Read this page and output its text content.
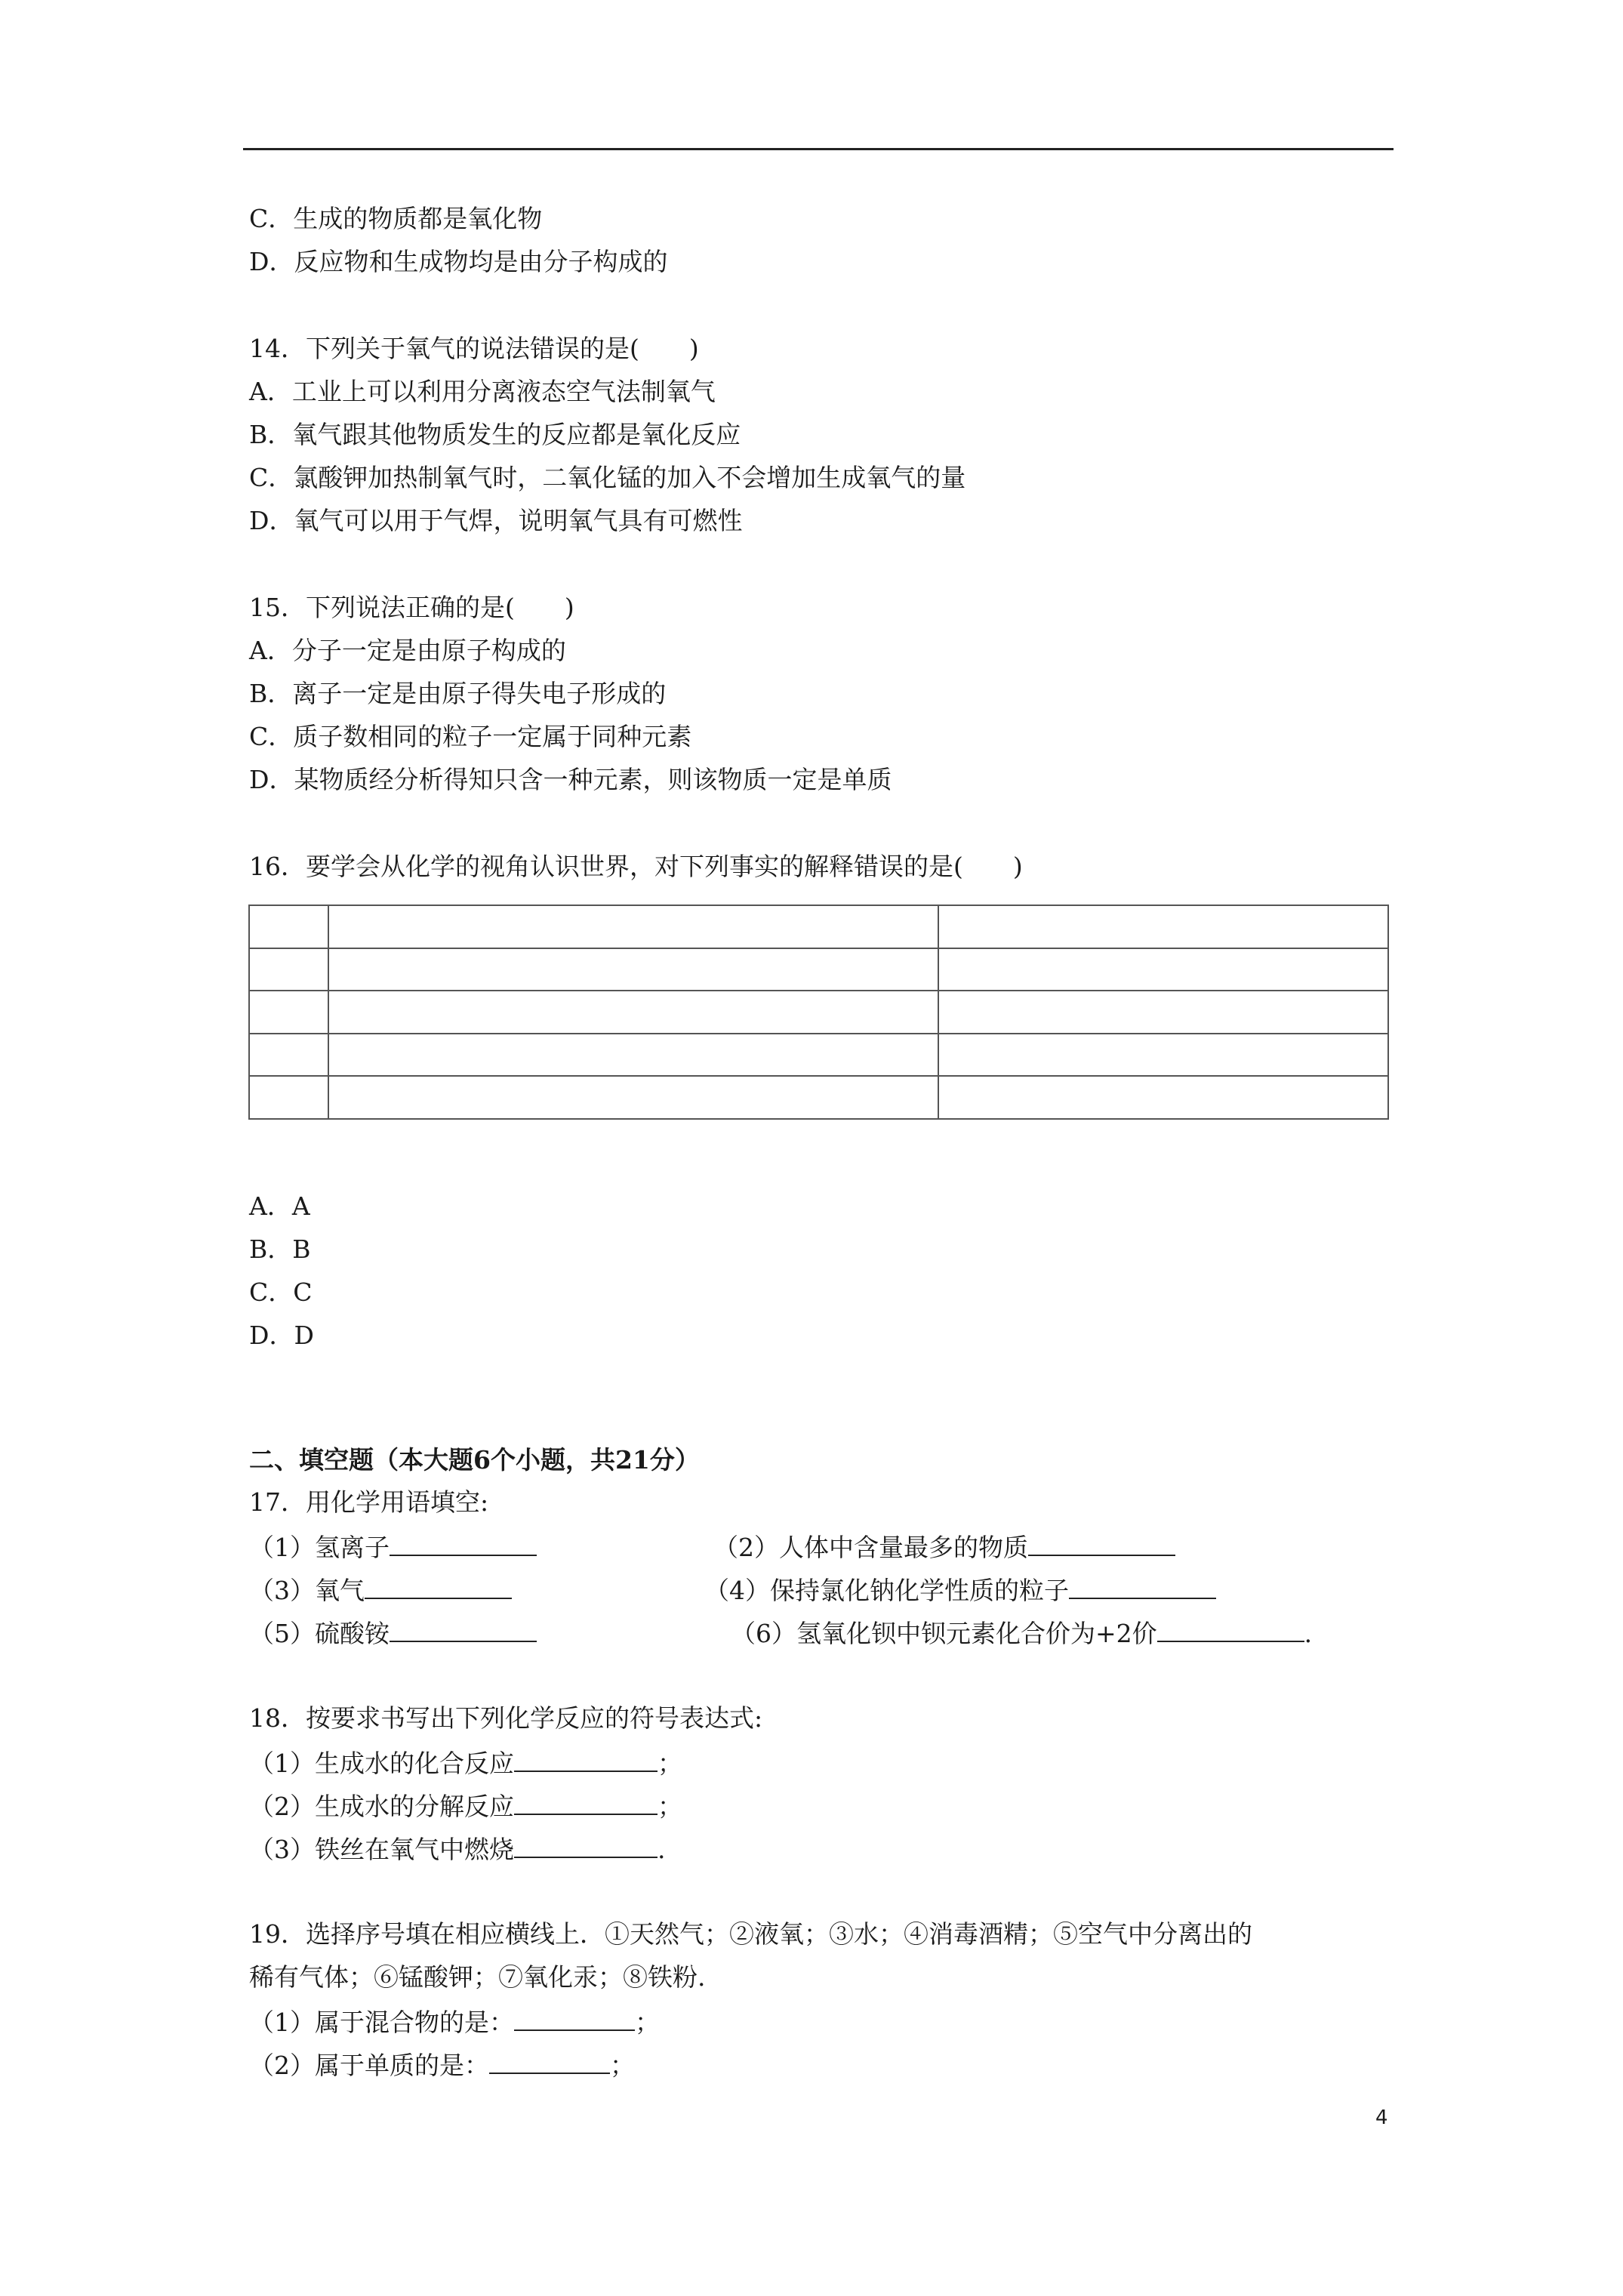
C．生成的物质都是氧化物
D．反应物和生成物均是由分子构成的
14．下列关于氧气的说法错误的是(　　)
A．工业上可以利用分离液态空气法制氧气
B．氧气跟其他物质发生的反应都是氧化反应
C．氯酸钾加热制氧气时，二氧化锰的加入不会增加生成氧气的量
D．氧气可以用于气焊，说明氧气具有可燃性
15．下列说法正确的是(　　)
A．分子一定是由原子构成的
B．离子一定是由原子得失电子形成的
C．质子数相同的粒子一定属于同种元素
D．某物质经分析得知只含一种元素，则该物质一定是单质
16．要学会从化学的视角认识世界，对下列事实的解释错误的是(　　)

A．A
B．B
C．C
D．D
二、填空题（本大题6个小题，共21分）
17．用化学用语填空:
（1）氢离子	（2）人体中含量最多的物质
（3）氧气	（4）保持氯化钠化学性质的粒子
（5）硫酸铵	（6）氢氧化钡中钡元素化合价为+2价	.
18．按要求书写出下列化学反应的符号表达式:
（1）生成水的化合反应	；
（2）生成水的分解反应	；
（3）铁丝在氧气中燃烧	.
19．选择序号填在相应横线上．①天然气；②液氧；③水；④消毒酒精；⑤空气中分离出的
稀有气体；⑥锰酸钾；⑦氧化汞；⑧铁粉.
（1）属于混合物的是：	；
（2）属于单质的是：	；
4
